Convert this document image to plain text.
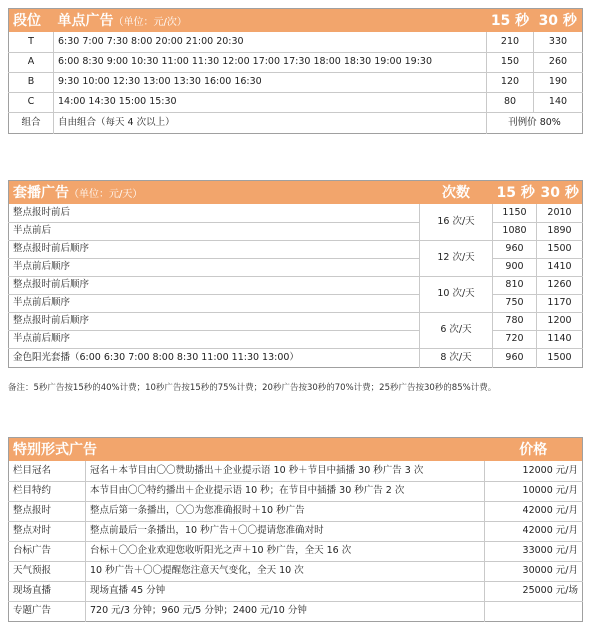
段位	单点广告（单位：元/次）	15 秒	30 秒
T	6:30 7:00 7:30 8:00 20:00 21:00 20:30	210	330
A	6:00 8:30 9:00 10:30 11:00 11:30 12:00 17:00 17:30 18:00 18:30 19:00 19:30	150	260
B	9:30 10:00 12:30 13:00 13:30 16:00 16:30	120	190
C	14:00 14:30 15:00 15:30	80	140
组合	自由组合（每天 4 次以上）	刊例价 80%	
套播广告（单位：元/天）	次数	15 秒	30 秒
整点报时前后	16 次/天	1150	2010
半点前后		1080	1890
整点报时前后顺序	12 次/天	960	1500
半点前后顺序		900	1410
整点报时前后顺序	10 次/天	810	1260
半点前后顺序		750	1170
整点报时前后顺序	6 次/天	780	1200
半点前后顺序		720	1140
金色阳光套播（6:00 6:30 7:00 8:00 8:30 11:00 11:30 13:00）	8 次/天	960	1500
备注：5秒广告按15秒的40%计费；10秒广告按15秒的75%计费；20秒广告按30秒的70%计费；25秒广告按30秒的85%计费。
特别形式广告		价格
栏目冠名	冠名＋本节目由〇〇赞助播出＋企业提示语 10 秒＋节目中插播 30 秒广告 3 次	12000 元/月
栏目特约	本节目由〇〇特约播出＋企业提示语 10 秒；在节目中插播 30 秒广告 2 次	10000 元/月
整点报时	整点后第一条播出，〇〇为您准确报时＋10 秒广告	42000 元/月
整点对时	整点前最后一条播出，10 秒广告＋〇〇提请您准确对时	42000 元/月
台标广告	台标＋〇〇企业欢迎您收听阳光之声＋10 秒广告，全天 16 次	33000 元/月
天气预报	10 秒广告＋〇〇提醒您注意天气变化，全天 10 次	30000 元/月
现场直播	现场直播 45 分钟	25000 元/场
专题广告	720 元/3 分钟；960 元/5 分钟；2400 元/10 分钟	
